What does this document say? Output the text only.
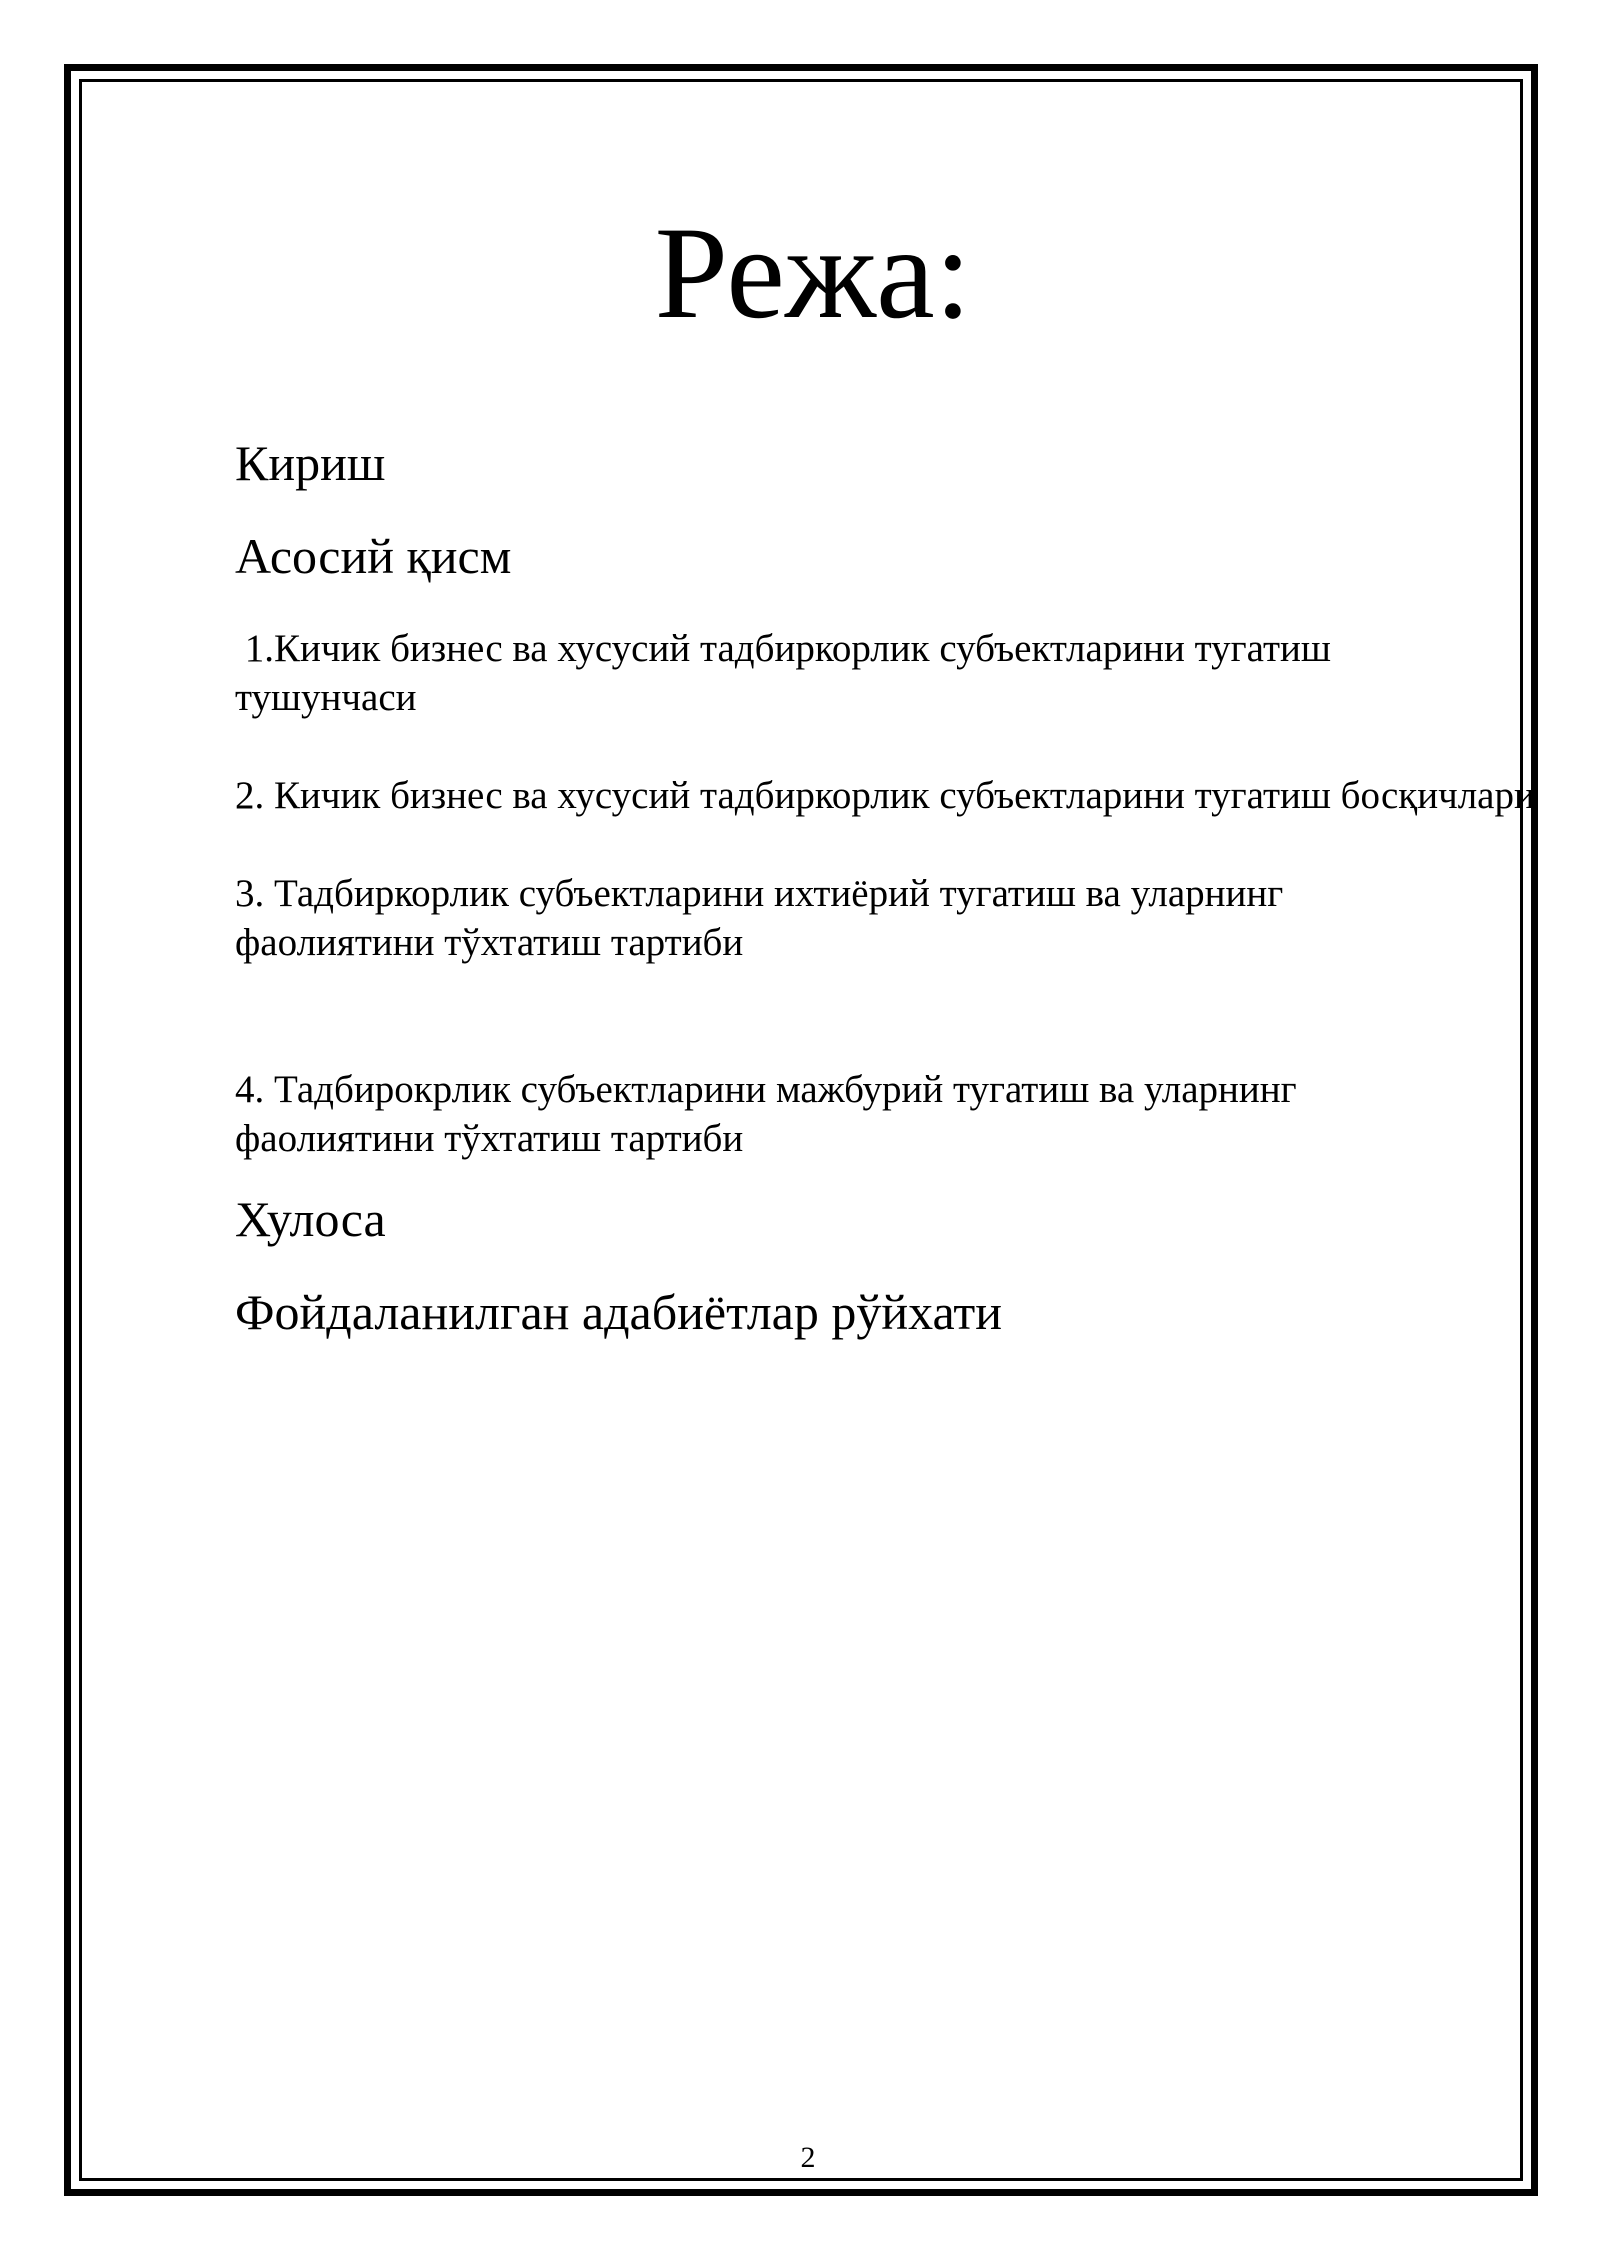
Режа:

Кириш

Асосий қисм

1.Кичик бизнес ва хусусий тадбиркорлик субъектларини тугатиш тушунчаси

2. Кичик бизнес ва хусусий тадбиркорлик субъектларини тугатиш босқичлари

3. Тадбиркорлик субъектларини ихтиёрий тугатиш ва уларнинг фаолиятини тўхтатиш тартиби

4. Тадбирокрлик субъектларини мажбурий тугатиш ва уларнинг фаолиятини тўхтатиш тартиби

Хулоса

Фойдаланилган адабиётлар рўйхати

2
